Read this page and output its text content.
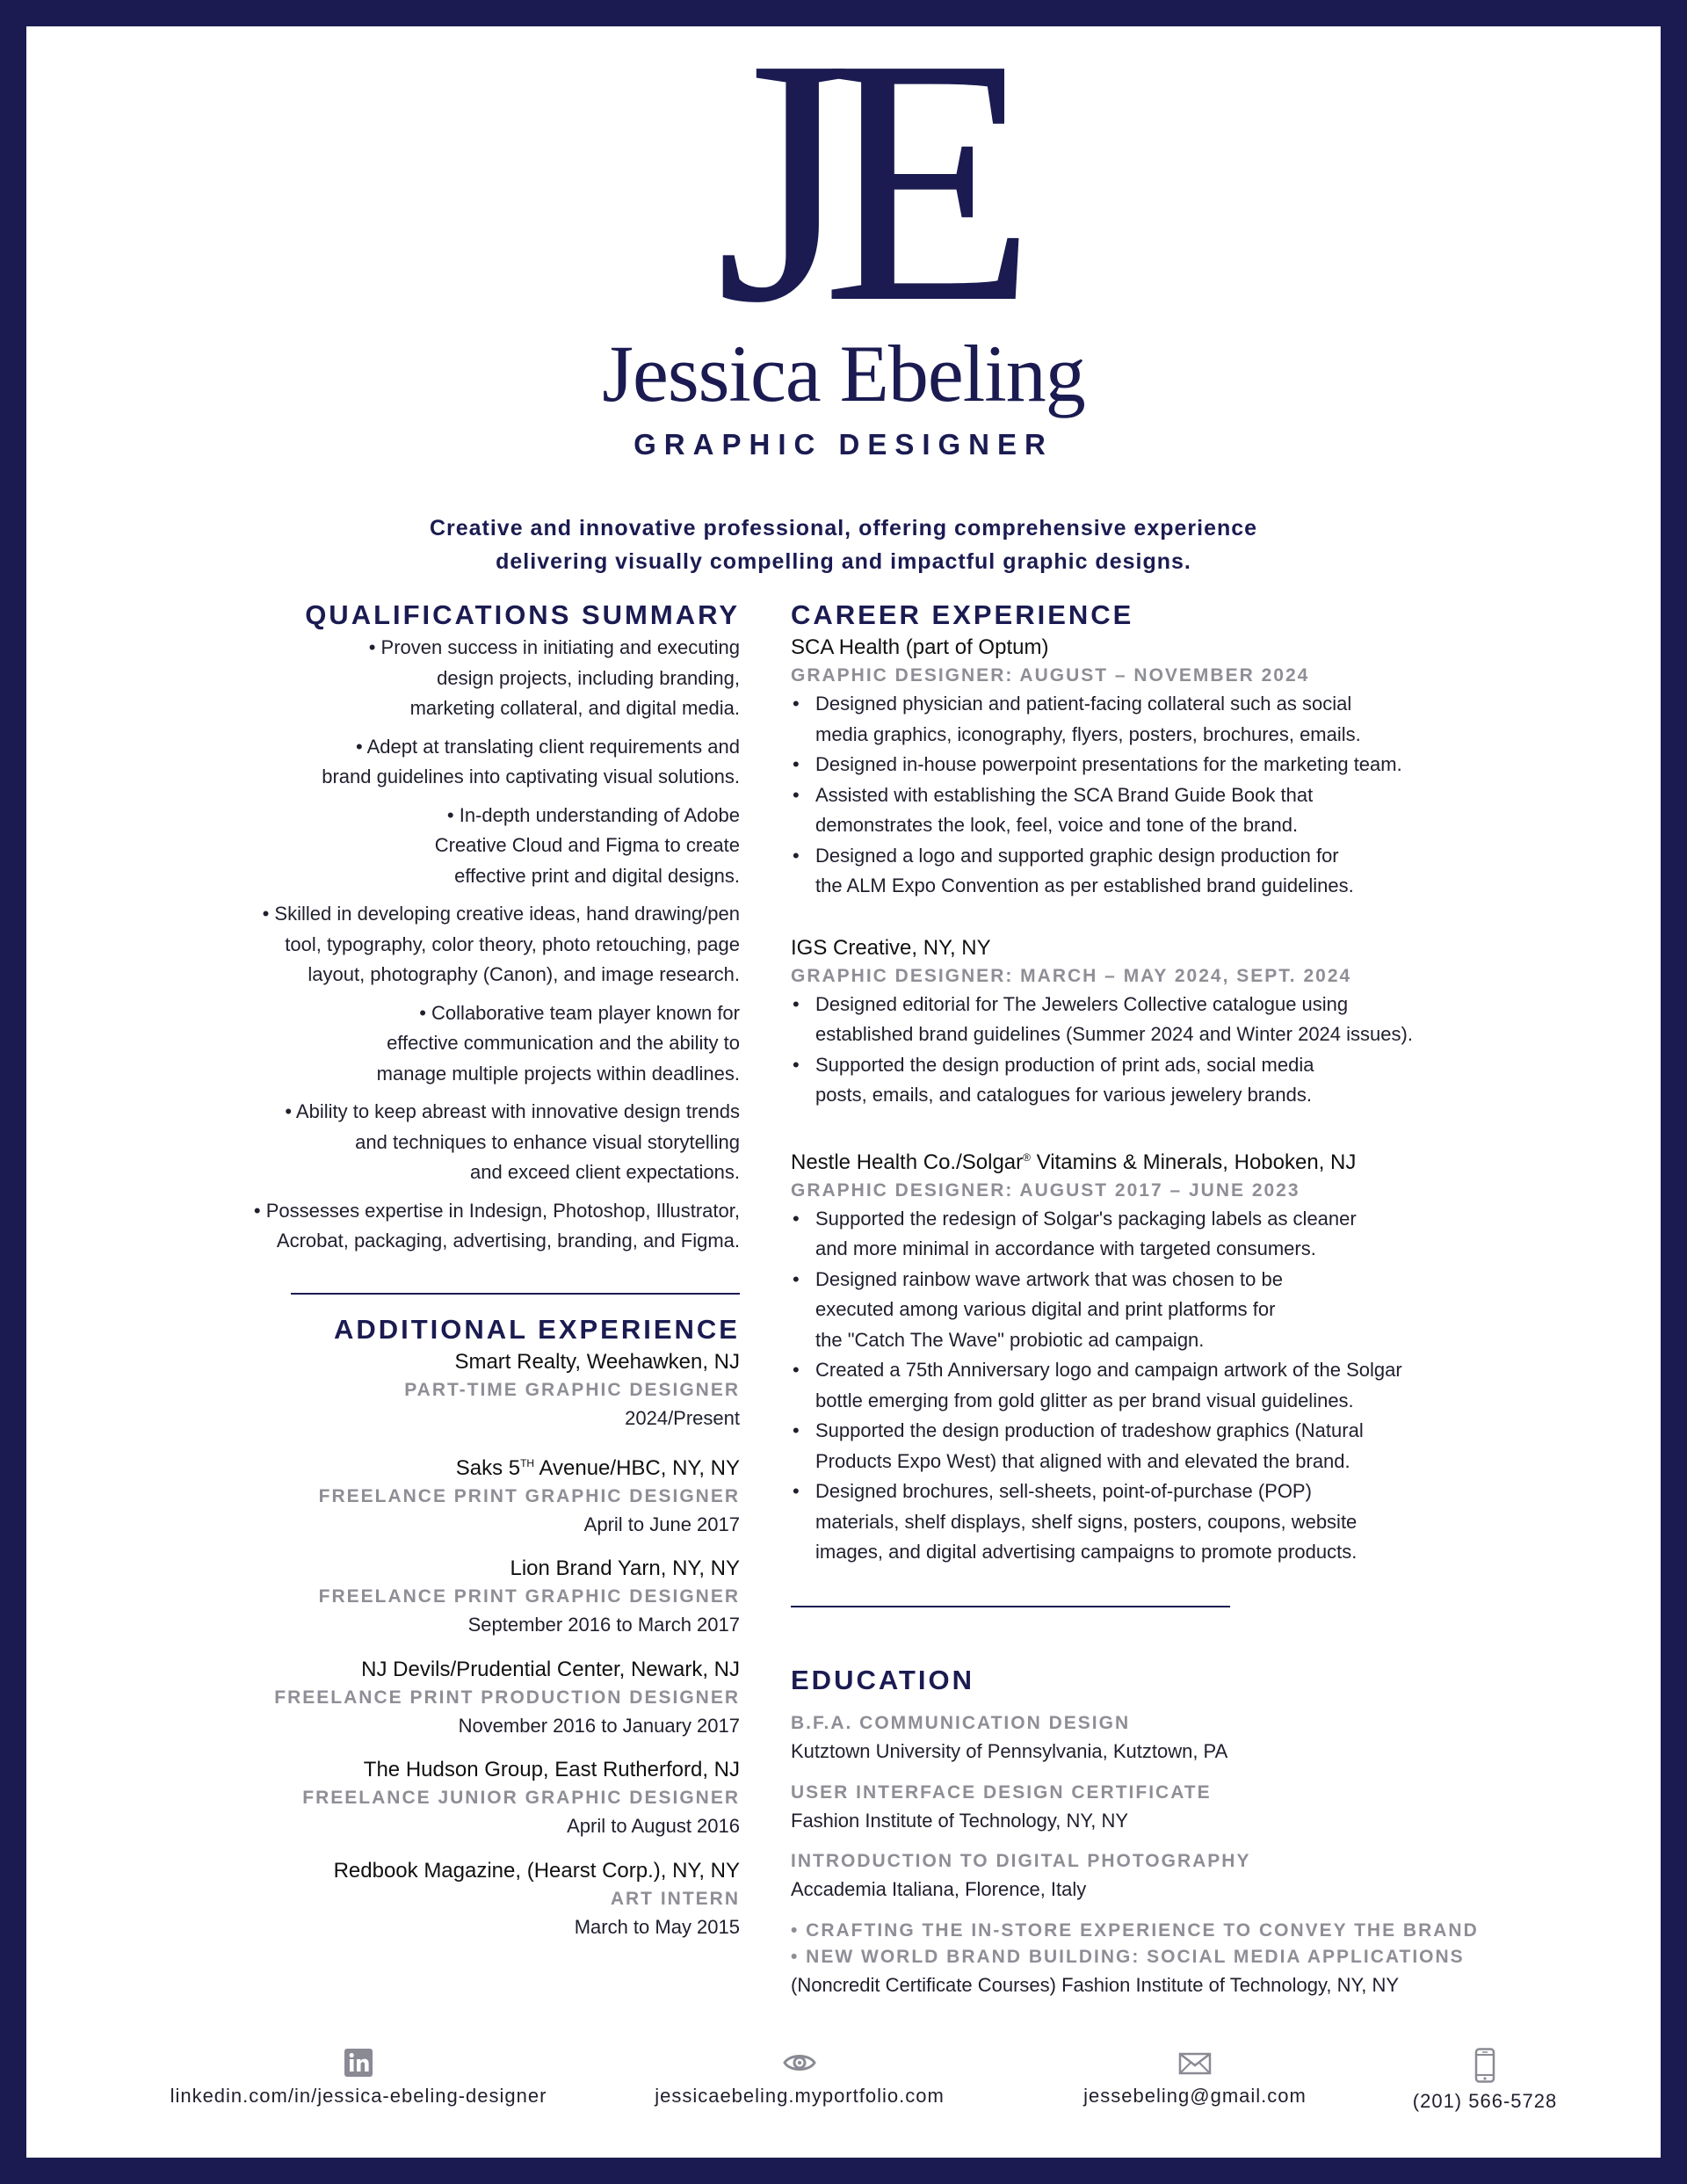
J
E
Jessica Ebeling
GRAPHIC DESIGNER
Creative and innovative professional, offering comprehensive experience
delivering visually compelling and impactful graphic designs.
QUALIFICATIONS SUMMARY
• Proven success in initiating and executing
design projects, including branding,
marketing collateral, and digital media.
• Adept at translating client requirements and
brand guidelines into captivating visual solutions.
• In-depth understanding of Adobe
Creative Cloud and Figma to create
effective print and digital designs.
• Skilled in developing creative ideas, hand drawing/pen
tool, typography, color theory, photo retouching, page
layout, photography (Canon), and image research.
• Collaborative team player known for
effective communication and the ability to
manage multiple projects within deadlines.
• Ability to keep abreast with innovative design trends
and techniques to enhance visual storytelling
and exceed client expectations.
• Possesses expertise in Indesign, Photoshop, Illustrator,
Acrobat, packaging, advertising, branding, and Figma.
ADDITIONAL EXPERIENCE
Smart Realty, Weehawken, NJ
PART-TIME GRAPHIC DESIGNER
2024/Present
Saks 5TH Avenue/HBC, NY, NY
FREELANCE PRINT GRAPHIC DESIGNER
April to June 2017
Lion Brand Yarn, NY, NY
FREELANCE PRINT GRAPHIC DESIGNER
September 2016 to March 2017
NJ Devils/Prudential Center, Newark, NJ
FREELANCE PRINT PRODUCTION DESIGNER
November 2016 to January 2017
The Hudson Group, East Rutherford, NJ
FREELANCE JUNIOR GRAPHIC DESIGNER
April to August 2016
Redbook Magazine, (Hearst Corp.), NY, NY
ART INTERN
March to May 2015
CAREER EXPERIENCE
SCA Health (part of Optum)
GRAPHIC DESIGNER: AUGUST – NOVEMBER 2024
• Designed physician and patient-facing collateral such as social
media graphics, iconography, flyers, posters, brochures, emails.
• Designed in-house powerpoint presentations for the marketing team.
• Assisted with establishing the SCA Brand Guide Book that
demonstrates the look, feel, voice and tone of the brand.
• Designed a logo and supported graphic design production for
the ALM Expo Convention as per established brand guidelines.
IGS Creative, NY, NY
GRAPHIC DESIGNER: MARCH – MAY 2024, SEPT. 2024
• Designed editorial for The Jewelers Collective catalogue using
established brand guidelines (Summer 2024 and Winter 2024 issues).
• Supported the design production of print ads, social media
posts, emails, and catalogues for various jewelery brands.
Nestle Health Co./Solgar® Vitamins & Minerals, Hoboken, NJ
GRAPHIC DESIGNER: AUGUST 2017 – JUNE 2023
• Supported the redesign of Solgar's packaging labels as cleaner
and more minimal in accordance with targeted consumers.
• Designed rainbow wave artwork that was chosen to be
executed among various digital and print platforms for
the "Catch The Wave" probiotic ad campaign.
• Created a 75th Anniversary logo and campaign artwork of the Solgar
bottle emerging from gold glitter as per brand visual guidelines.
• Supported the design production of tradeshow graphics (Natural
Products Expo West) that aligned with and elevated the brand.
• Designed brochures, sell-sheets, point-of-purchase (POP)
materials, shelf displays, shelf signs, posters, coupons, website
images, and digital advertising campaigns to promote products.
EDUCATION
B.F.A. COMMUNICATION DESIGN
Kutztown University of Pennsylvania, Kutztown, PA
USER INTERFACE DESIGN CERTIFICATE
Fashion Institute of Technology, NY, NY
INTRODUCTION TO DIGITAL PHOTOGRAPHY
Accademia Italiana, Florence, Italy
• CRAFTING THE IN-STORE EXPERIENCE TO CONVEY THE BRAND
• NEW WORLD BRAND BUILDING: SOCIAL MEDIA APPLICATIONS
(Noncredit Certificate Courses) Fashion Institute of Technology, NY, NY
linkedin.com/in/jessica-ebeling-designer	jessicaebeling.myportfolio.com	jessebeling@gmail.com	(201) 566-5728
